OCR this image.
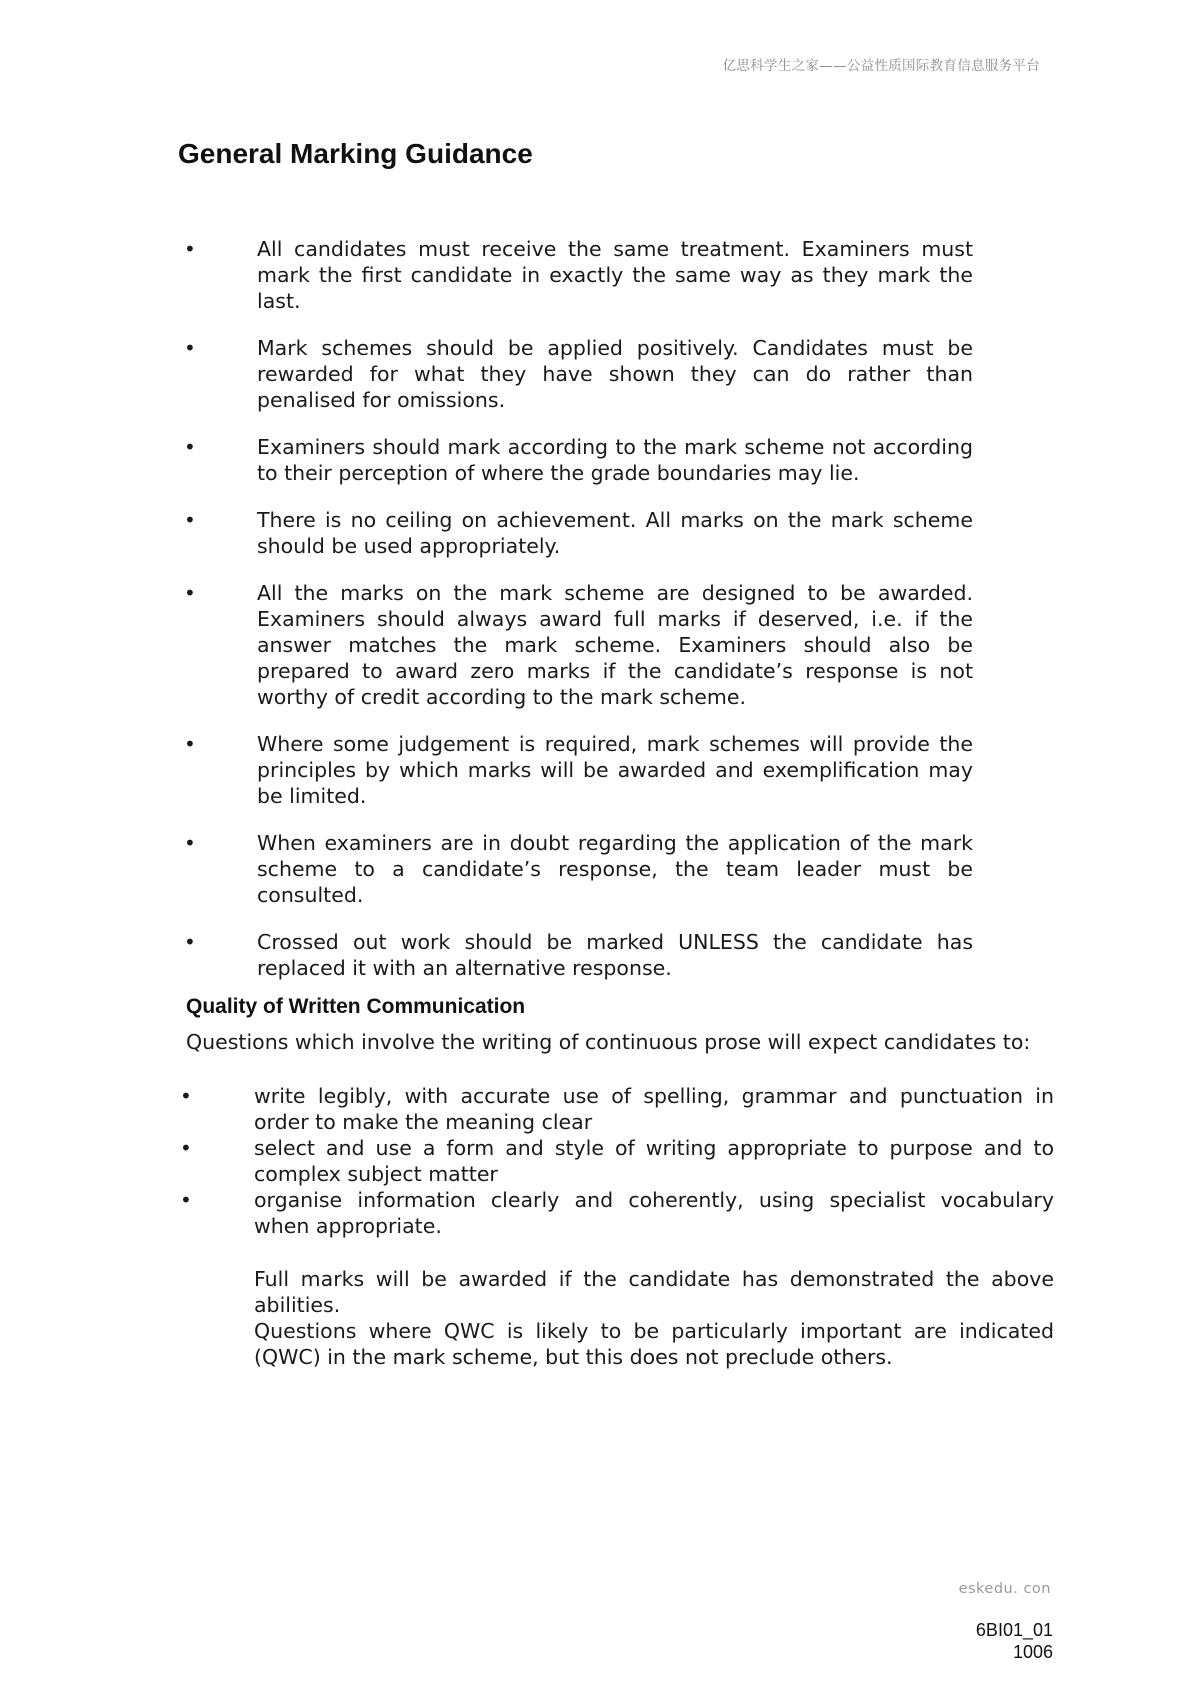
亿思科学生之家——公益性质国际教育信息服务平台
General Marking Guidance
•	All candidates must receive the same treatment. Examiners must mark the first candidate in exactly the same way as they mark the last.
•	Mark schemes should be applied positively. Candidates must be rewarded for what they have shown they can do rather than penalised for omissions.
•	Examiners should mark according to the mark scheme not according to their perception of where the grade boundaries may lie.
•	There is no ceiling on achievement. All marks on the mark scheme should be used appropriately.
•	All the marks on the mark scheme are designed to be awarded. Examiners should always award full marks if deserved, i.e. if the answer matches the mark scheme. Examiners should also be prepared to award zero marks if the candidate’s response is not worthy of credit according to the mark scheme.
•	Where some judgement is required, mark schemes will provide the principles by which marks will be awarded and exemplification may be limited.
•	When examiners are in doubt regarding the application of the mark scheme to a candidate’s response, the team leader must be consulted.
•	Crossed out work should be marked UNLESS the candidate has replaced it with an alternative response.
Quality of Written Communication
Questions which involve the writing of continuous prose will expect candidates to:
•	write legibly, with accurate use of spelling, grammar and punctuation in order to make the meaning clear
•	select and use a form and style of writing appropriate to purpose and to complex subject matter
•	organise information clearly and coherently, using specialist vocabulary when appropriate.

Full marks will be awarded if the candidate has demonstrated the above abilities.

Questions where QWC is likely to be particularly important are indicated (QWC) in the mark scheme, but this does not preclude others.

eskedu. con
6BI01_01
1006
